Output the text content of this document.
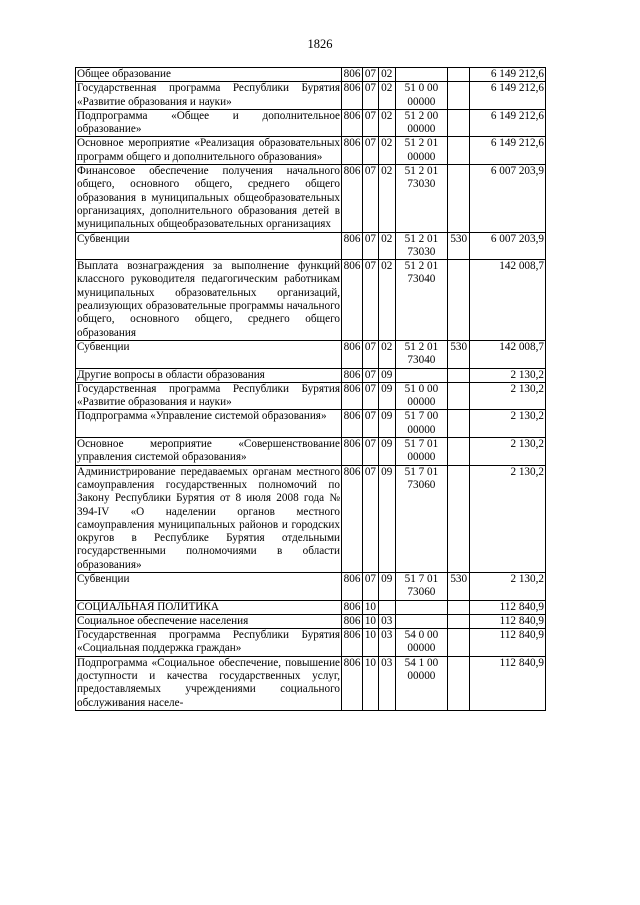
1826
Общее образование	806	07	02			6 149 212,6
Государственная программа Республики Бурятия «Развитие образования и науки»	806	07	02	51 0 00 00000		6 149 212,6
Подпрограмма «Общее и дополнительное образование»	806	07	02	51 2 00 00000		6 149 212,6
Основное мероприятие «Реализация образовательных программ общего и дополнительного образования»	806	07	02	51 2 01 00000		6 149 212,6
Финансовое обеспечение получения начального общего, основного общего, среднего общего образования в муниципальных общеобразовательных организациях, дополнительного образования детей в муниципальных общеобразовательных организациях	806	07	02	51 2 01 73030		6 007 203,9
Субвенции	806	07	02	51 2 01 73030	530	6 007 203,9
Выплата вознаграждения за выполнение функций классного руководителя педагогическим работникам муниципальных образовательных организаций, реализующих образовательные программы начального общего, основного общего, среднего общего образования	806	07	02	51 2 01 73040		142 008,7
Субвенции	806	07	02	51 2 01 73040	530	142 008,7
Другие вопросы в области образования	806	07	09			2 130,2
Государственная программа Республики Бурятия «Развитие образования и науки»	806	07	09	51 0 00 00000		2 130,2
Подпрограмма «Управление системой образования»	806	07	09	51 7 00 00000		2 130,2
Основное мероприятие «Совершенствование управления системой образования»	806	07	09	51 7 01 00000		2 130,2
Администрирование передаваемых органам местного самоуправления государственных полномочий по Закону Республики Бурятия от 8 июля 2008 года № 394-IV «О наделении органов местного самоуправления муниципальных районов и городских округов в Республике Бурятия отдельными государственными полномочиями в области образования»	806	07	09	51 7 01 73060		2 130,2
Субвенции	806	07	09	51 7 01 73060	530	2 130,2
СОЦИАЛЬНАЯ ПОЛИТИКА	806	10				112 840,9
Социальное обеспечение населения	806	10	03			112 840,9
Государственная программа Республики Бурятия «Социальная поддержка граждан»	806	10	03	54 0 00 00000		112 840,9
Подпрограмма «Социальное обеспечение, повышение доступности и качества государственных услуг, предоставляемых учреждениями социального обслуживания населе-	806	10	03	54 1 00 00000		112 840,9
